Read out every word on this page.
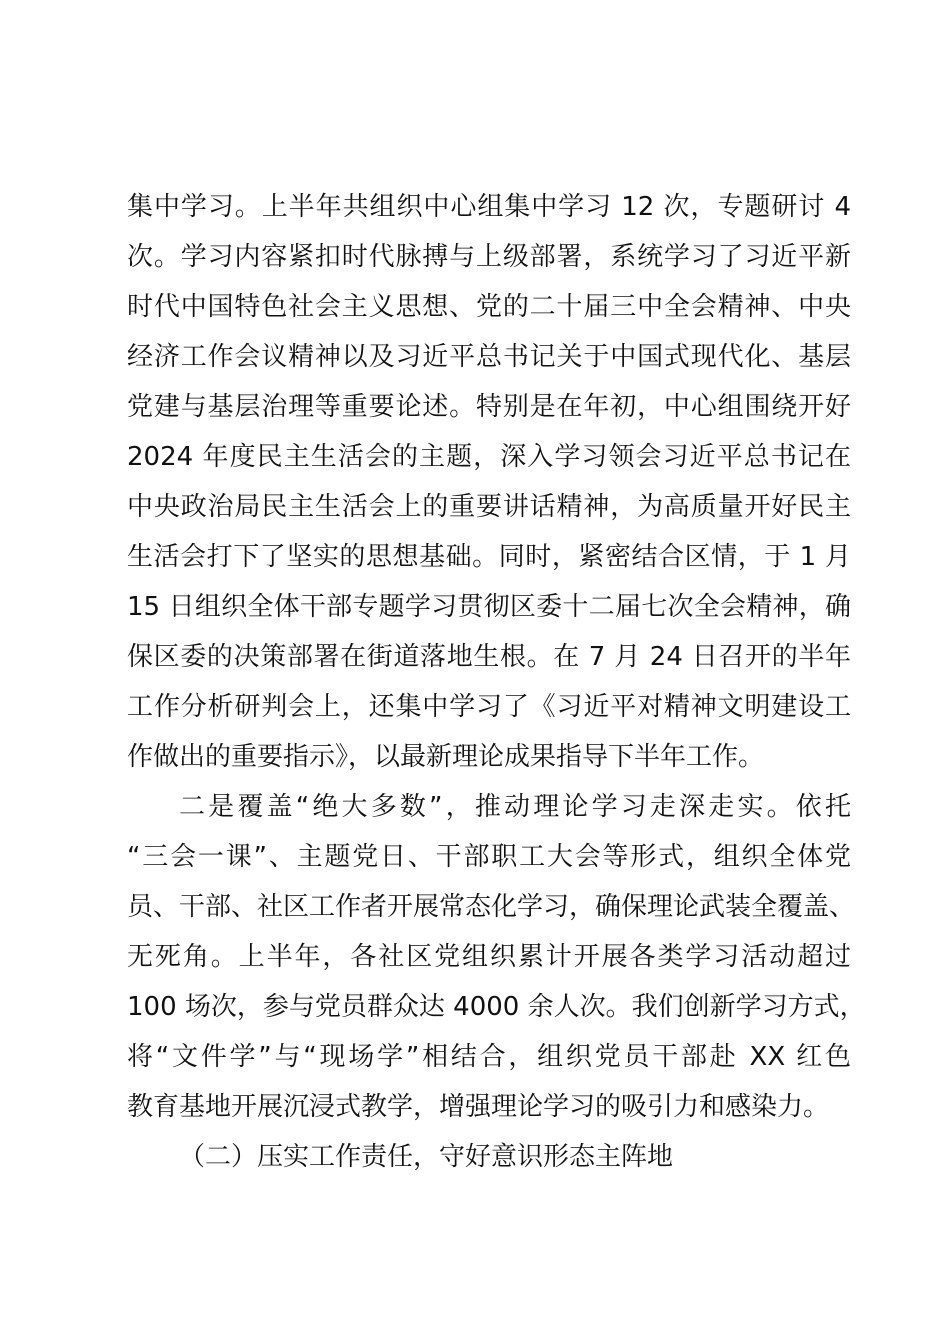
集中学习。上半年共组织中心组集中学习 12 次，专题研讨 4
次。学习内容紧扣时代脉搏与上级部署，系统学习了习近平新
时代中国特色社会主义思想、党的二十届三中全会精神、中央
经济工作会议精神以及习近平总书记关于中国式现代化、基层
党建与基层治理等重要论述。特别是在年初，中心组围绕开好
2024 年度民主生活会的主题，深入学习领会习近平总书记在
中央政治局民主生活会上的重要讲话精神，为高质量开好民主
生活会打下了坚实的思想基础。同时，紧密结合区情，于 1 月
15 日组织全体干部专题学习贯彻区委十二届七次全会精神，确
保区委的决策部署在街道落地生根。在 7 月 24 日召开的半年
工作分析研判会上，还集中学习了《习近平对精神文明建设工
作做出的重要指示》，以最新理论成果指导下半年工作。
二是覆盖“绝大多数”，推动理论学习走深走实。依托
“三会一课”、主题党日、干部职工大会等形式，组织全体党
员、干部、社区工作者开展常态化学习，确保理论武装全覆盖、
无死角。上半年，各社区党组织累计开展各类学习活动超过
100 场次，参与党员群众达 4000 余人次。我们创新学习方式，
将“文件学”与“现场学”相结合，组织党员干部赴 XX 红色
教育基地开展沉浸式教学，增强理论学习的吸引力和感染力。
（二）压实工作责任，守好意识形态主阵地
